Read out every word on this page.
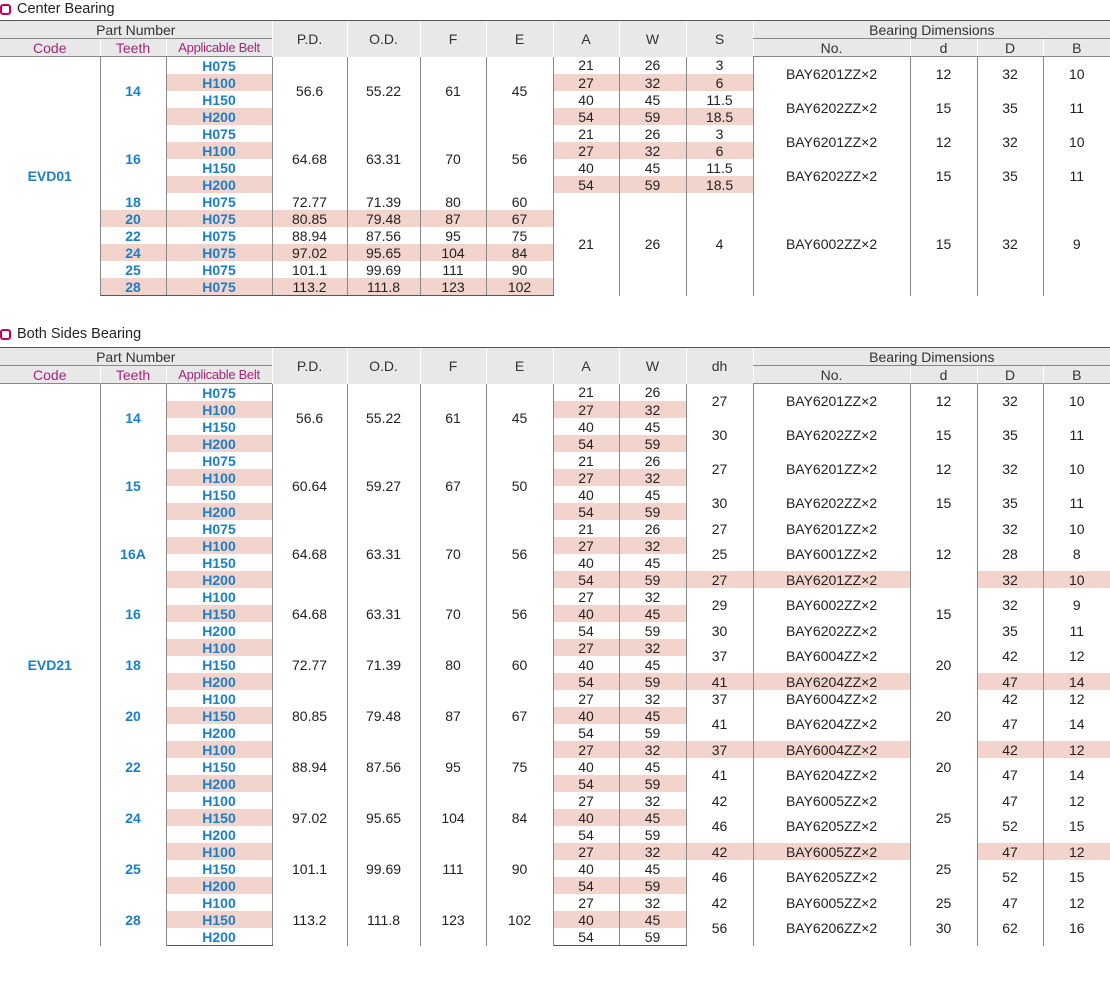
Center Bearing
Part Number			P.D.	O.D.	F	E	A	W	S	Bearing Dimensions			
Code	Teeth	Applicable Belt								No.	d	D	B
EVD01	14	H075	56.6	55.22	61	45	21	26	3	BAY6201ZZ×2	12	32	10
		H100					27	32	6				
		H150					40	45	11.5	BAY6202ZZ×2	15	35	11
		H200					54	59	18.5				
	16	H075	64.68	63.31	70	56	21	26	3	BAY6201ZZ×2	12	32	10
		H100					27	32	6				
		H150					40	45	11.5	BAY6202ZZ×2	15	35	11
		H200					54	59	18.5				
	18	H075	72.77	71.39	80	60	21	26	4	BAY6002ZZ×2	15	32	9
	20	H075	80.85	79.48	87	67							
	22	H075	88.94	87.56	95	75							
	24	H075	97.02	95.65	104	84							
	25	H075	101.1	99.69	111	90							
	28	H075	113.2	111.8	123	102							
Both Sides Bearing
Part Number			P.D.	O.D.	F	E	A	W	dh	Bearing Dimensions			
Code	Teeth	Applicable Belt								No.	d	D	B
EVD21	14	H075	56.6	55.22	61	45	21	26	27	BAY6201ZZ×2	12	32	10
		H100					27	32					
		H150					40	45	30	BAY6202ZZ×2	15	35	11
		H200					54	59					
	15	H075	60.64	59.27	67	50	21	26	27	BAY6201ZZ×2	12	32	10
		H100					27	32					
		H150					40	45	30	BAY6202ZZ×2	15	35	11
		H200					54	59					
	16A	H075	64.68	63.31	70	56	21	26	27	BAY6201ZZ×2	12	32	10
		H100					27	32	25	BAY6001ZZ×2		28	8
		H150					40	45					
		H200					54	59	27	BAY6201ZZ×2		32	10
	16	H100	64.68	63.31	70	56	27	32	29	BAY6002ZZ×2	15	32	9
		H150					40	45					
		H200					54	59	30	BAY6202ZZ×2		35	11
	18	H100	72.77	71.39	80	60	27	32	37	BAY6004ZZ×2	20	42	12
		H150					40	45					
		H200					54	59	41	BAY6204ZZ×2		47	14
	20	H100	80.85	79.48	87	67	27	32	37	BAY6004ZZ×2	20	42	12
		H150					40	45	41	BAY6204ZZ×2		47	14
		H200					54	59					
	22	H100	88.94	87.56	95	75	27	32	37	BAY6004ZZ×2	20	42	12
		H150					40	45	41	BAY6204ZZ×2		47	14
		H200					54	59					
	24	H100	97.02	95.65	104	84	27	32	42	BAY6005ZZ×2	25	47	12
		H150					40	45	46	BAY6205ZZ×2		52	15
		H200					54	59					
	25	H100	101.1	99.69	111	90	27	32	42	BAY6005ZZ×2	25	47	12
		H150					40	45	46	BAY6205ZZ×2		52	15
		H200					54	59					
	28	H100	113.2	111.8	123	102	27	32	42	BAY6005ZZ×2	25	47	12
		H150					40	45	56	BAY6206ZZ×2	30	62	16
		H200					54	59					
